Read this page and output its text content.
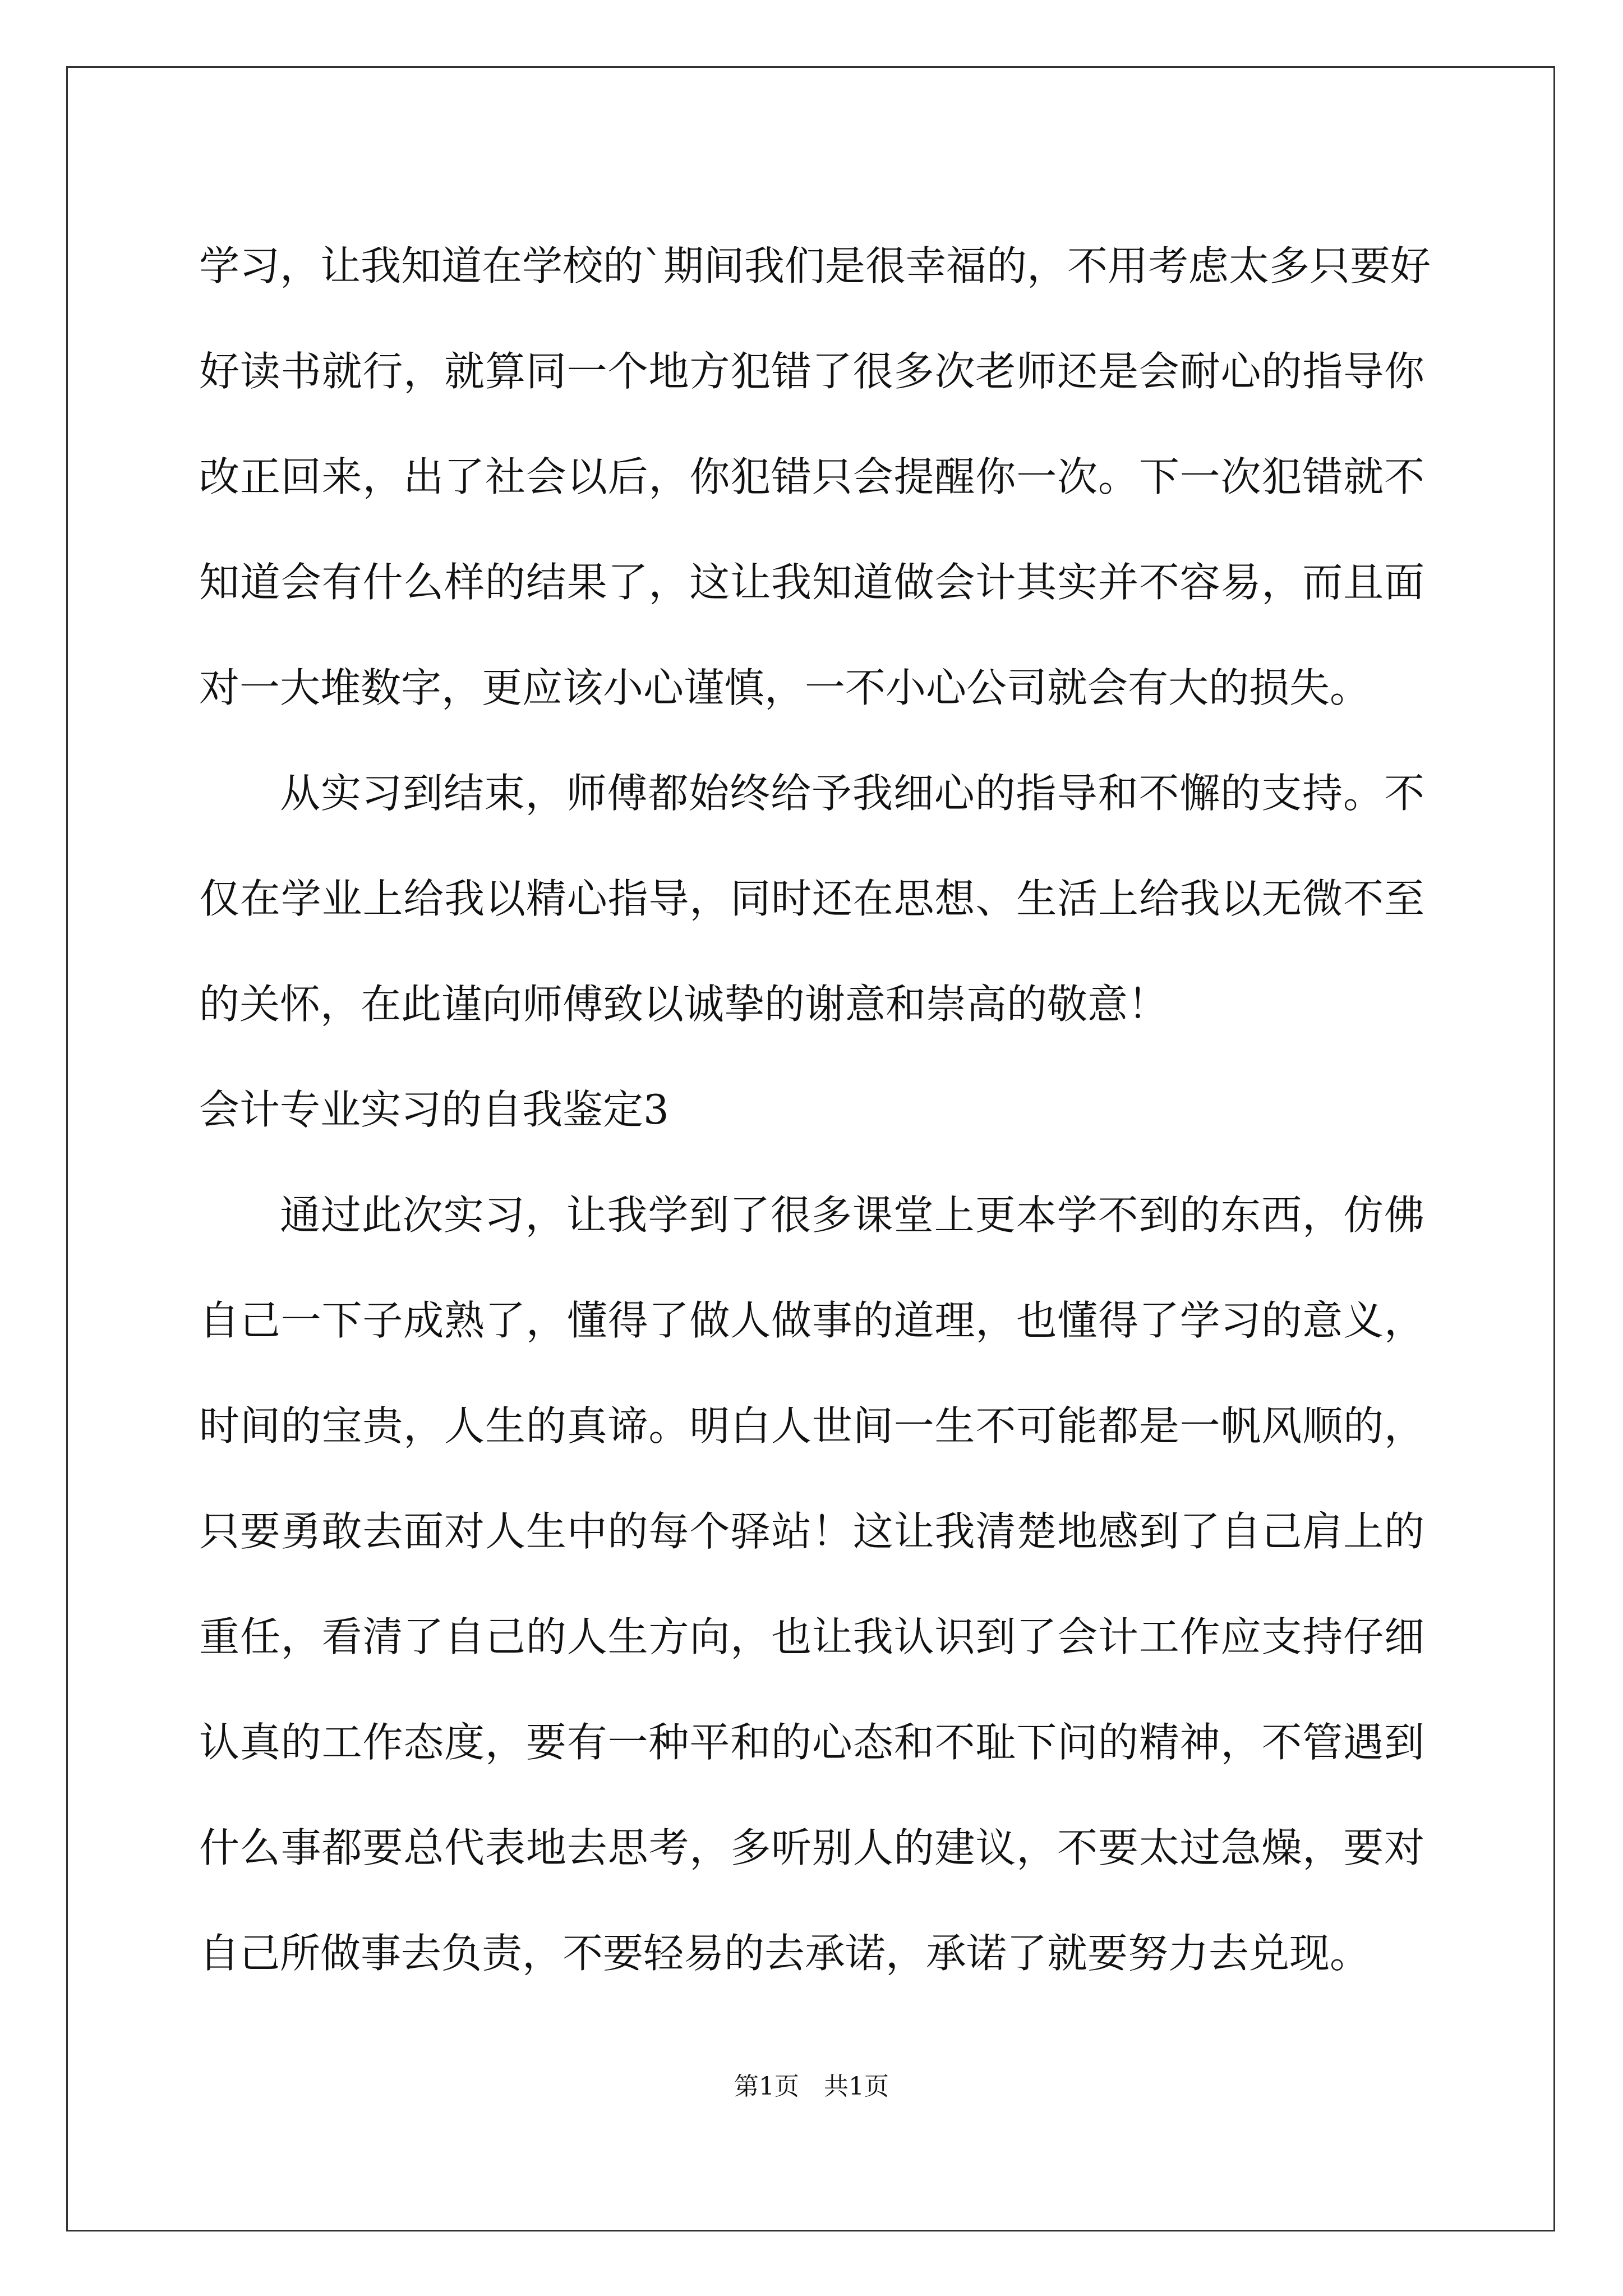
学习，让我知道在学校的`期间我们是很幸福的，不用考虑太多只要好
好读书就行，就算同一个地方犯错了很多次老师还是会耐心的指导你
改正回来，出了社会以后，你犯错只会提醒你一次。下一次犯错就不
知道会有什么样的结果了，这让我知道做会计其实并不容易，而且面
对一大堆数字，更应该小心谨慎，一不小心公司就会有大的损失。
从实习到结束，师傅都始终给予我细心的指导和不懈的支持。不
仅在学业上给我以精心指导，同时还在思想、生活上给我以无微不至
的关怀，在此谨向师傅致以诚挚的谢意和崇高的敬意！
会计专业实习的自我鉴定3
通过此次实习，让我学到了很多课堂上更本学不到的东西，仿佛
自己一下子成熟了，懂得了做人做事的道理，也懂得了学习的意义，
时间的宝贵，人生的真谛。明白人世间一生不可能都是一帆风顺的，
只要勇敢去面对人生中的每个驿站！这让我清楚地感到了自己肩上的
重任，看清了自己的人生方向，也让我认识到了会计工作应支持仔细
认真的工作态度，要有一种平和的心态和不耻下问的精神，不管遇到
什么事都要总代表地去思考，多听别人的建议，不要太过急燥，要对
自己所做事去负责，不要轻易的去承诺，承诺了就要努力去兑现。
第1页　共1页
